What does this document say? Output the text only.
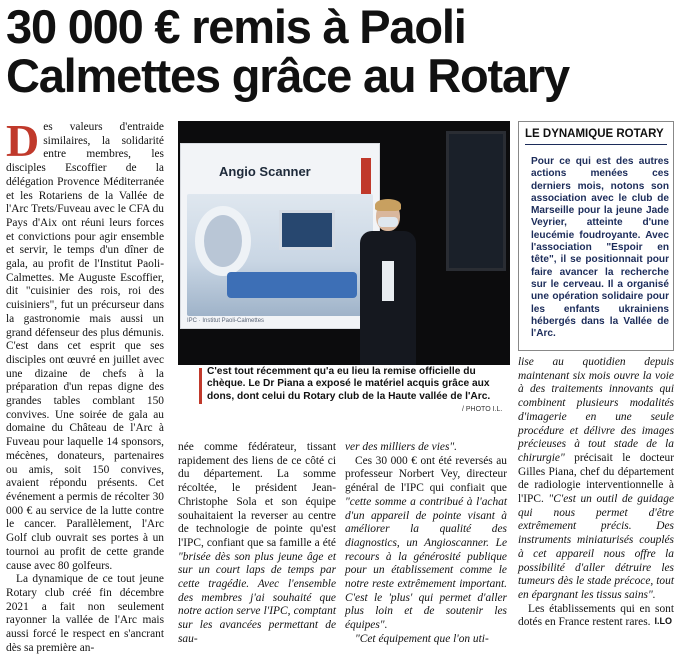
30 000 € remis à Paoli
Calmettes grâce au Rotary

Des valeurs d'entraide similaires, la solidarité entre membres, les disciples Escoffier de la délégation Provence Méditerranée et les Rotariens de la Vallée de l'Arc Trets/Fuveau avec le CFA du Pays d'Aix ont réuni leurs forces et convictions pour agir ensemble et servir, le temps d'un dîner de gala, au profit de l'Institut Paoli-Calmettes. Me Auguste Escoffier, dit "cuisinier des rois, roi des cuisiniers", fut un précurseur dans la gastronomie mais aussi un grand défenseur des plus démunis. C'est dans cet esprit que ses disciples ont œuvré en juillet avec une dizaine de chefs à la préparation d'un repas digne des grandes tables comblant 150 convives. Une soirée de gala au domaine du Château de l'Arc à Fuveau pour laquelle 14 sponsors, mécènes, donateurs, partenaires ou amis, soit 150 convives, avaient répondu présents. Cet événement a permis de récolter 30 000 € au service de la lutte contre le cancer. Parallèlement, l'Arc Golf club ouvrait ses portes à un tournoi au profit de cette grande cause avec 80 golfeurs.

La dynamique de ce tout jeune Rotary club créé fin décembre 2021 a fait non seulement rayonner la vallée de l'Arc mais aussi forcé le respect en s'ancrant dès sa première an-

Angio Scanner
IPC · Institut Paoli-Calmettes

C'est tout récemment qu'a eu lieu la remise officielle du chèque. Le Dr Piana a exposé le matériel acquis grâce aux dons, dont celui du Rotary club de la Haute vallée de l'Arc.

/ PHOTO I.L.
LE DYNAMIQUE ROTARY

Pour ce qui est des autres actions menées ces derniers mois, notons son association avec le club de Marseille pour la jeune Jade Veyrier, atteinte d'une leucémie foudroyante. Avec l'association "Espoir en tête", il se positionnait pour faire avancer la recherche sur le cerveau. Il a organisé une opération solidaire pour les enfants ukrainiens hébergés dans la Vallée de l'Arc.

née comme fédérateur, tissant rapidement des liens de ce côté ci du département. La somme récoltée, le président Jean-Christophe Sola et son équipe souhaitaient la reverser au centre de technologie de pointe qu'est l'IPC, confiant que sa famille a été "brisée dès son plus jeune âge et sur un court laps de temps par cette tragédie. Avec l'ensemble des membres j'ai souhaité que notre action serve l'IPC, comptant sur les avancées permettant de sau-

ver des milliers de vies".

Ces 30 000 € ont été reversés au professeur Norbert Vey, directeur général de l'IPC qui confiait que "cette somme a contribué à l'achat d'un appareil de pointe visant à améliorer la qualité des diagnostics, un Angioscanner. Le recours à la générosité publique pour un établissement comme le notre reste extrêmement important. C'est le 'plus' qui permet d'aller plus loin et de soutenir les équipes".

"Cet équipement que l'on uti-

lise au quotidien depuis maintenant six mois ouvre la voie à des traitements innovants qui combinent plusieurs modalités d'imagerie en une seule procédure et délivre des images précieuses à tout stade de la chirurgie" précisait le docteur Gilles Piana, chef du département de radiologie interventionnelle à l'IPC. "C'est un outil de guidage qui nous permet d'être extrêmement précis. Des instruments miniaturisés couplés à cet appareil nous offre la possibilité d'aller détruire les tumeurs dès le stade précoce, tout en épargnant les tissus sains".

Les établissements qui en sont dotés en France restent rares. I.LO
